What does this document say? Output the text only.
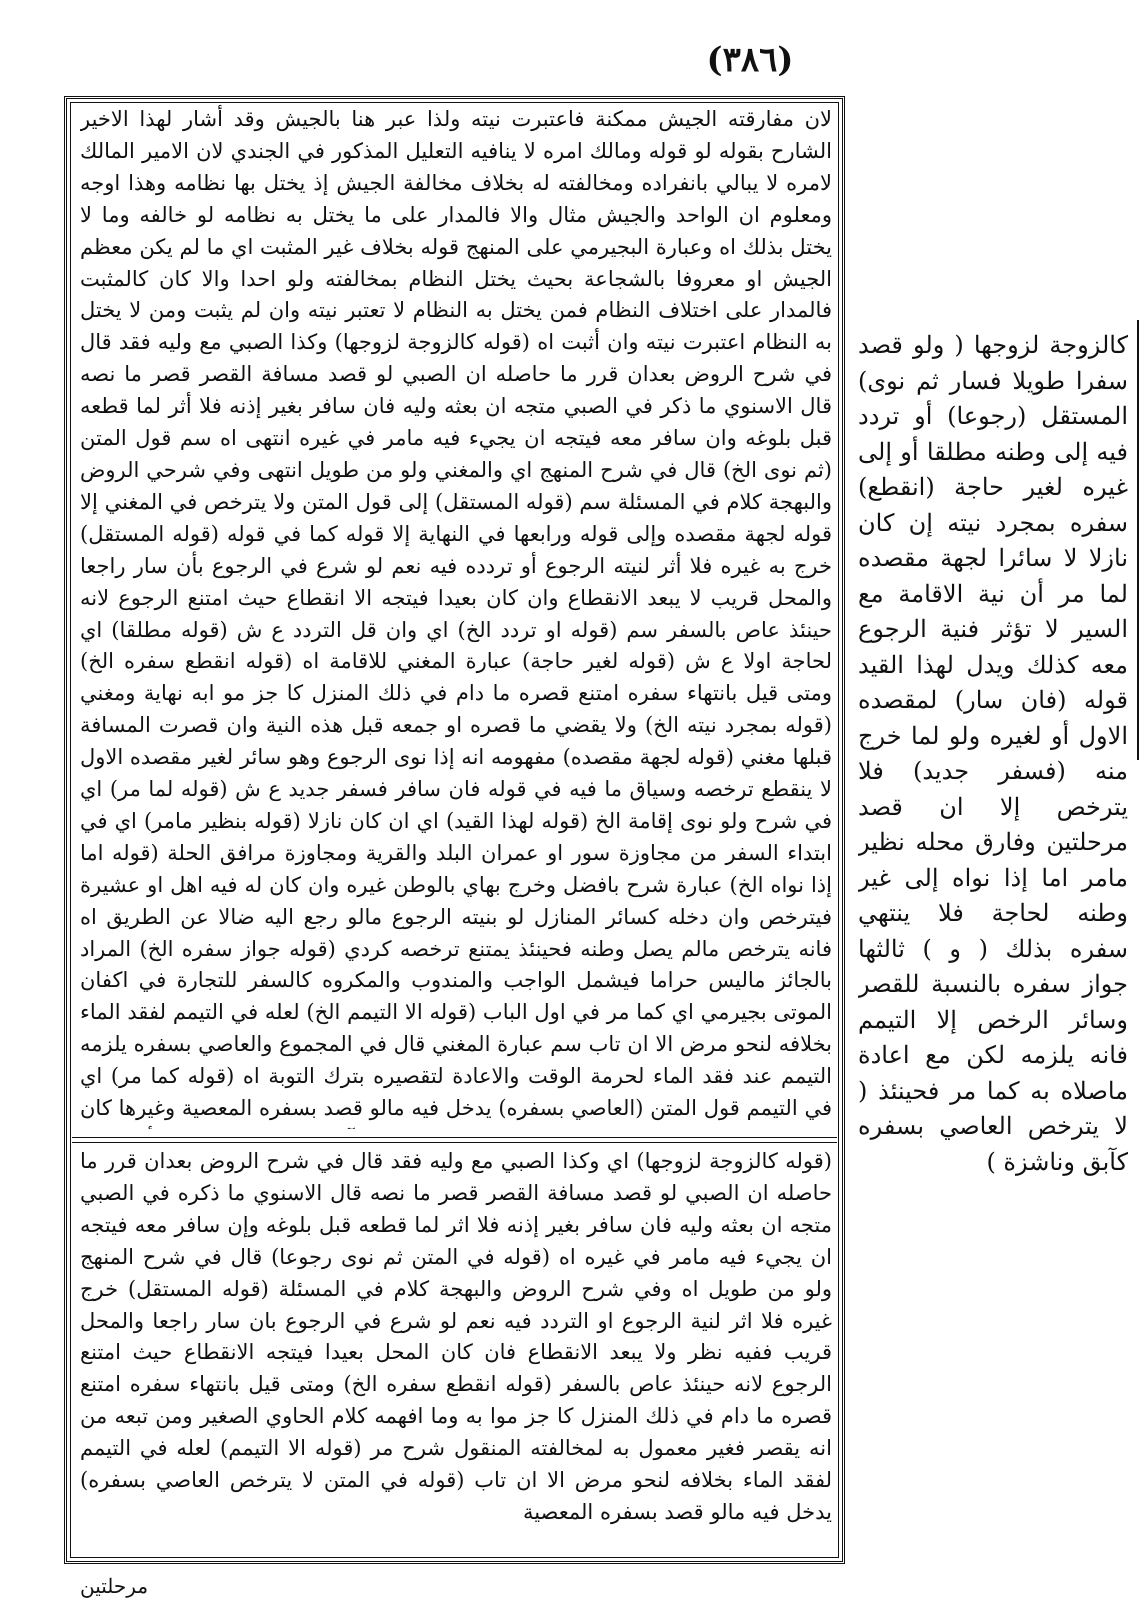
(٣٨٦)

لان مفارقته الجيش ممكنة فاعتبرت نيته ولذا عبر هنا بالجيش وقد أشار لهذا الاخير الشارح بقوله لو قوله ومالك امره لا ينافيه التعليل المذكور في الجندي لان الامير المالك لامره لا يبالي بانفراده ومخالفته له بخلاف مخالفة الجيش إذ يختل بها نظامه وهذا اوجه ومعلوم ان الواحد والجيش مثال والا فالمدار على ما يختل به نظامه لو خالفه وما لا يختل بذلك اه وعبارة البجيرمي على المنهج قوله بخلاف غير المثبت اي ما لم يكن معظم الجيش او معروفا بالشجاعة بحيث يختل النظام بمخالفته ولو احدا والا كان كالمثبت فالمدار على اختلاف النظام فمن يختل به النظام لا تعتبر نيته وان لم يثبت ومن لا يختل به النظام اعتبرت نيته وان أثبت اه (قوله كالزوجة لزوجها) وكذا الصبي مع وليه فقد قال في شرح الروض بعدان قرر ما حاصله ان الصبي لو قصد مسافة القصر قصر ما نصه قال الاسنوي ما ذكر في الصبي متجه ان بعثه وليه فان سافر بغير إذنه فلا أثر لما قطعه قبل بلوغه وان سافر معه فيتجه ان يجيء فيه مامر في غيره انتهى اه سم قول المتن (ثم نوى الخ) قال في شرح المنهج اي والمغني ولو من طويل انتهى وفي شرحي الروض والبهجة كلام في المسئلة سم (قوله المستقل) إلى قول المتن ولا يترخص في المغني إلا قوله لجهة مقصده وإلى قوله ورابعها في النهاية إلا قوله كما في قوله (قوله المستقل) خرج به غيره فلا أثر لنيته الرجوع أو تردده فيه نعم لو شرع في الرجوع بأن سار راجعا والمحل قريب لا يبعد الانقطاع وان كان بعيدا فيتجه الا انقطاع حيث امتنع الرجوع لانه حينئذ عاص بالسفر سم (قوله او تردد الخ) اي وان قل التردد ع ش (قوله مطلقا) اي لحاجة اولا ع ش (قوله لغير حاجة) عبارة المغني للاقامة اه (قوله انقطع سفره الخ) ومتى قيل بانتهاء سفره امتنع قصره ما دام في ذلك المنزل كا جز مو ابه نهاية ومغني (قوله بمجرد نيته الخ) ولا يقضي ما قصره او جمعه قبل هذه النية وان قصرت المسافة قبلها مغني (قوله لجهة مقصده) مفهومه انه إذا نوى الرجوع وهو سائر لغير مقصده الاول لا ينقطع ترخصه وسياق ما فيه في قوله فان سافر فسفر جديد ع ش (قوله لما مر) اي في شرح ولو نوى إقامة الخ (قوله لهذا القيد) اي ان كان نازلا (قوله بنظير مامر) اي في ابتداء السفر من مجاوزة سور او عمران البلد والقرية ومجاوزة مرافق الحلة (قوله اما إذا نواه الخ) عبارة شرح بافضل وخرج بهاي بالوطن غيره وان كان له فيه اهل او عشيرة فيترخص وان دخله كسائر المنازل لو بنيته الرجوع مالو رجع اليه ضالا عن الطريق اه فانه يترخص مالم يصل وطنه فحينئذ يمتنع ترخصه كردي (قوله جواز سفره الخ) المراد بالجائز ماليس حراما فيشمل الواجب والمندوب والمكروه كالسفر للتجارة في اكفان الموتى بجيرمي اي كما مر في اول الباب (قوله الا التيمم الخ) لعله في التيمم لفقد الماء بخلافه لنحو مرض الا ان تاب سم عبارة المغني قال في المجموع والعاصي بسفره يلزمه التيمم عند فقد الماء لحرمة الوقت والاعادة لتقصيره بترك التوبة اه (قوله كما مر) اي في التيمم قول المتن (العاصي بسفره) يدخل فيه مالو قصد بسفره المعصية وغيرها كان

(قوله كالزوجة لزوجها) اي وكذا الصبي مع وليه فقد قال في شرح الروض بعدان قرر ما حاصله ان الصبي لو قصد مسافة القصر قصر ما نصه قال الاسنوي ما ذكره في الصبي متجه ان بعثه وليه فان سافر بغير إذنه فلا اثر لما قطعه قبل بلوغه وإن سافر معه فيتجه ان يجيء فيه مامر في غيره اه (قوله في المتن ثم نوى رجوعا) قال في شرح المنهج ولو من طويل اه وفي شرح الروض والبهجة كلام في المسئلة (قوله المستقل) خرج غيره فلا اثر لنية الرجوع او التردد فيه نعم لو شرع في الرجوع بان سار راجعا والمحل قريب ففيه نظر ولا يبعد الانقطاع فان كان المحل بعيدا فيتجه الانقطاع حيث امتنع الرجوع لانه حينئذ عاص بالسفر (قوله انقطع سفره الخ) ومتى قيل بانتهاء سفره امتنع قصره ما دام في ذلك المنزل كا جز موا به وما افهمه كلام الحاوي الصغير ومن تبعه من انه يقصر فغير معمول به لمخالفته المنقول شرح مر (قوله الا التيمم) لعله في التيمم لفقد الماء بخلافه لنحو مرض الا ان تاب (قوله في المتن لا يترخص العاصي بسفره) يدخل فيه مالو قصد بسفره المعصية

كالزوجة لزوجها ( ولو قصد سفرا طويلا فسار ثم نوى) المستقل (رجوعا) أو تردد فيه إلى وطنه مطلقا أو إلى غيره لغير حاجة (انقطع) سفره بمجرد نيته إن كان نازلا لا سائرا لجهة مقصده لما مر أن نية الاقامة مع السير لا تؤثر فنية الرجوع معه كذلك ويدل لهذا القيد قوله (فان سار) لمقصده الاول أو لغيره ولو لما خرج منه (فسفر جديد) فلا يترخص إلا ان قصد مرحلتين وفارق محله نظير مامر اما إذا نواه إلى غير وطنه لحاجة فلا ينتهي سفره بذلك ( و ) ثالثها جواز سفره بالنسبة للقصر وسائر الرخص إلا التيمم فانه يلزمه لكن مع اعادة ماصلاه به كما مر فحينئذ ( لا يترخص العاصي بسفره كآبق وناشزة )

مرحلتين
